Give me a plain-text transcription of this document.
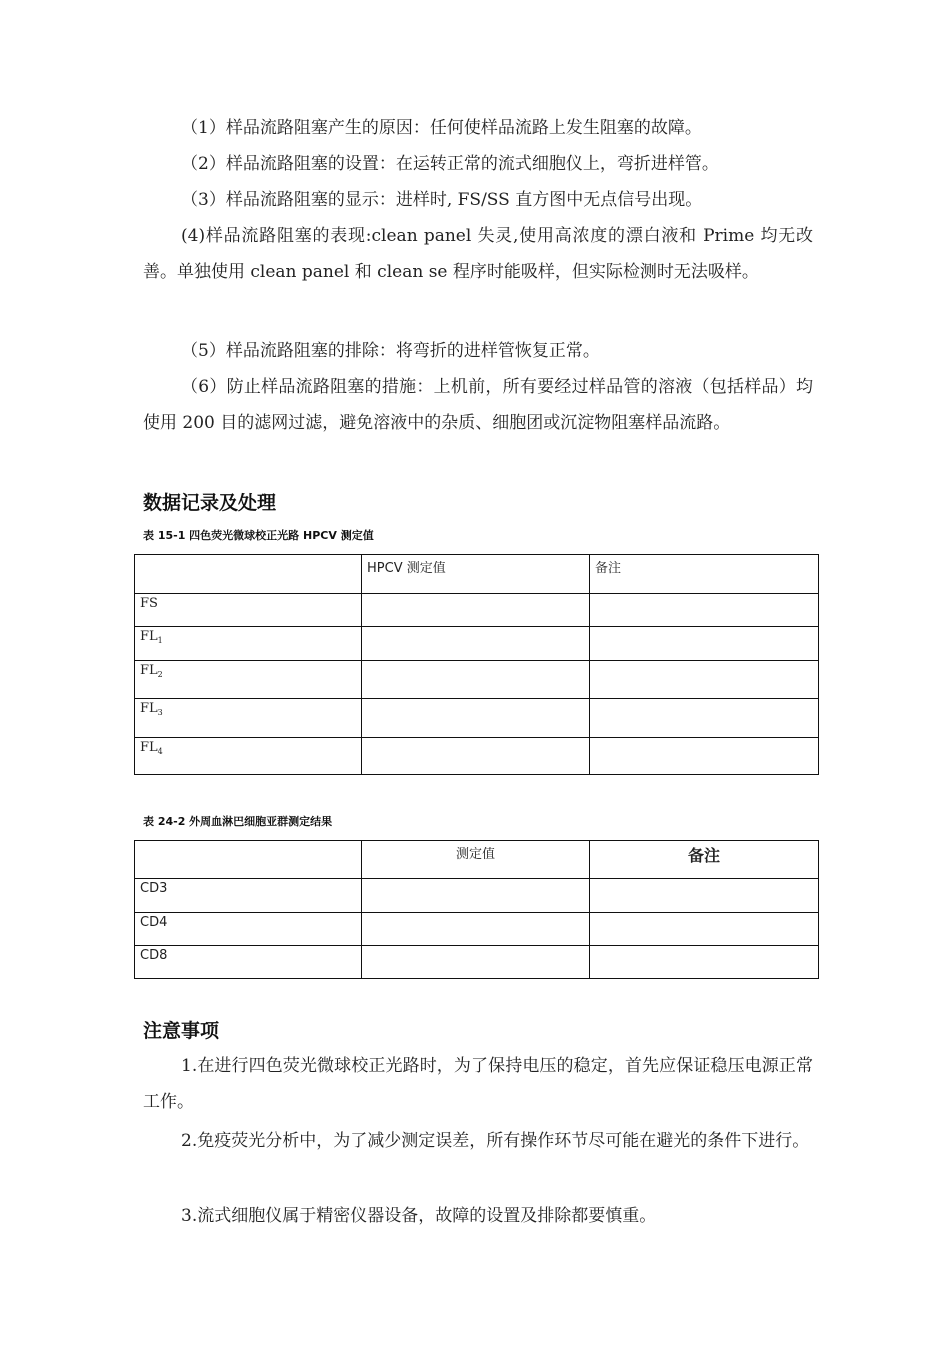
（1）样品流路阻塞产生的原因：任何使样品流路上发生阻塞的故障。

（2）样品流路阻塞的设置：在运转正常的流式细胞仪上，弯折进样管。

（3）样品流路阻塞的显示：进样时, FS/SS 直方图中无点信号出现。

(4)样品流路阻塞的表现:clean panel 失灵,使用高浓度的漂白液和 Prime 均无改善。单独使用 clean panel 和 clean se 程序时能吸样，但实际检测时无法吸样。

（5）样品流路阻塞的排除：将弯折的进样管恢复正常。

（6）防止样品流路阻塞的措施：上机前，所有要经过样品管的溶液（包括样品）均使用 200 目的滤网过滤，避免溶液中的杂质、细胞团或沉淀物阻塞样品流路。

数据记录及处理

表 15-1 四色荧光微球校正光路 HPCV 测定值

	HPCV 测定值	备注
FS		
$FL_1$		
$FL_2$		
$FL_3$		
$FL_4$		

表 24-2 外周血淋巴细胞亚群测定结果

	测定值	备注
CD3		
CD4		
CD8		
注意事项

1.在进行四色荧光微球校正光路时，为了保持电压的稳定，首先应保证稳压电源正常工作。

2.免疫荧光分析中，为了减少测定误差，所有操作环节尽可能在避光的条件下进行。

3.流式细胞仪属于精密仪器设备，故障的设置及排除都要慎重。
